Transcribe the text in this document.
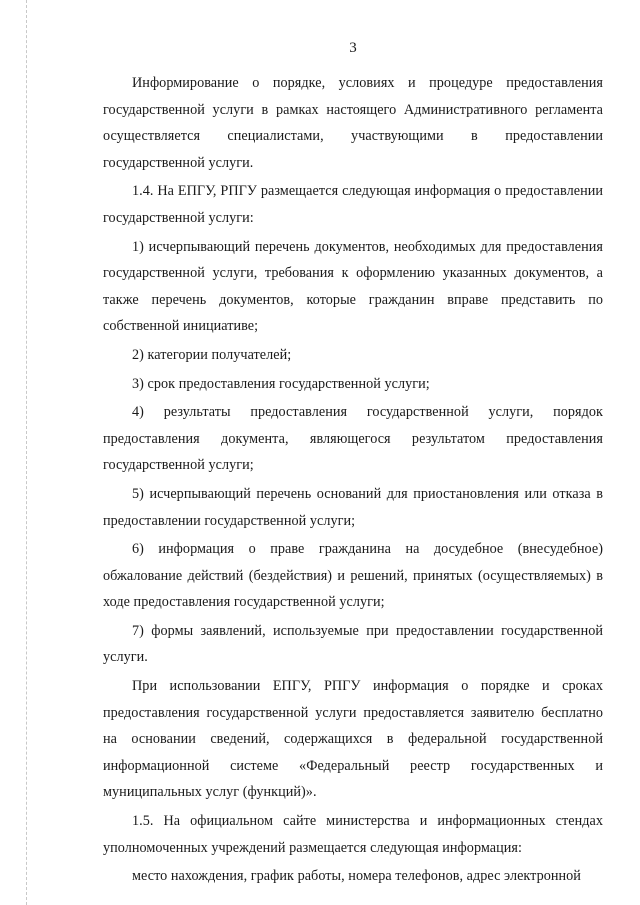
3

Информирование о порядке, условиях и процедуре предоставления государственной услуги в рамках настоящего Административного регламента осуществляется специалистами, участвующими в предоставлении государственной услуги.

1.4. На ЕПГУ, РПГУ размещается следующая информация о предоставлении государственной услуги:

1) исчерпывающий перечень документов, необходимых для предоставления государственной услуги, требования к оформлению указанных документов, а также перечень документов, которые гражданин вправе представить по собственной инициативе;

2) категории получателей;

3) срок предоставления государственной услуги;

4) результаты предоставления государственной услуги, порядок предоставления документа, являющегося результатом предоставления государственной услуги;

5) исчерпывающий перечень оснований для приостановления или отказа в предоставлении государственной услуги;

6) информация о праве гражданина на досудебное (внесудебное) обжалование действий (бездействия) и решений, принятых (осуществляемых) в ходе предоставления государственной услуги;

7) формы заявлений, используемые при предоставлении государственной услуги.

При использовании ЕПГУ, РПГУ информация о порядке и сроках предоставления государственной услуги предоставляется заявителю бесплатно на основании сведений, содержащихся в федеральной государственной информационной системе «Федеральный реестр государственных и муниципальных услуг (функций)».

1.5. На официальном сайте министерства и информационных стендах уполномоченных учреждений размещается следующая информация:

место нахождения, график работы, номера телефонов, адрес электронной
